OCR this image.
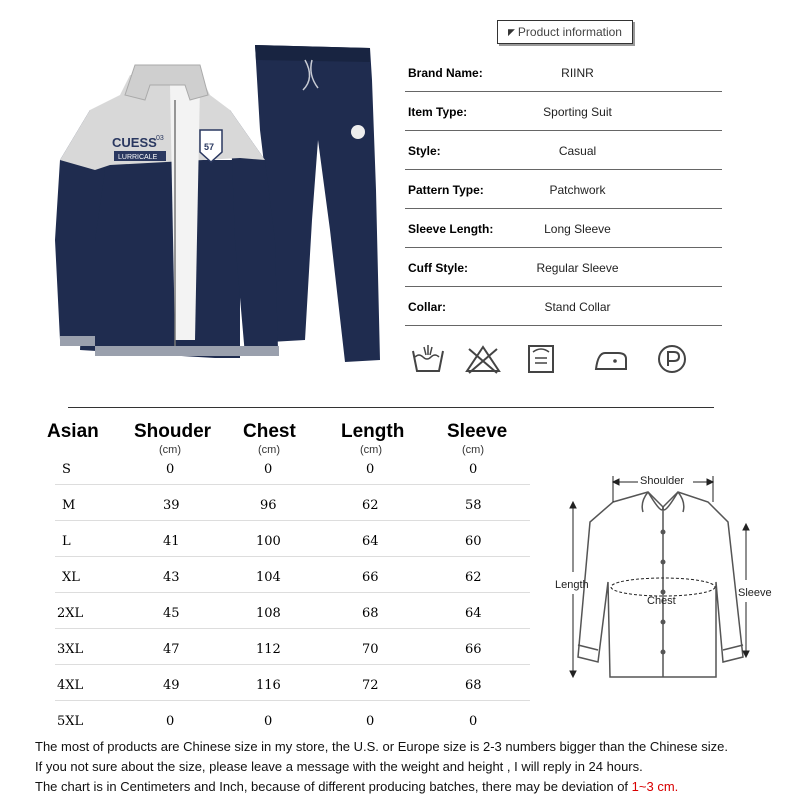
CUESS 03
LURRICALE
57
◤ Product information
Brand Name:	RIINR
Item Type:	Sporting Suit
Style:	Casual
Pattern Type:	Patchwork
Sleeve Length:	Long Sleeve
Cuff Style:	Regular Sleeve
Collar:	Stand Collar
Asian Shouder Chest Length Sleeve
(cm)	(cm)	(cm)	(cm)
S	0	0	0	0
M	39	96	62	58
L	41	100	64	60
XL	43	104	66	62
2XL	45	108	68	64
3XL	47	112	70	66
4XL	49	116	72	68
5XL	0	0	0	0
Shoulder
Length
Chest
Sleeve
The most of products are Chinese size in my store, the U.S. or Europe size is 2-3 numbers bigger than the Chinese size.
If you not sure about the size, please leave a message with the weight and height , I will reply in 24 hours.
The chart is in Centimeters and Inch, because of different producing batches, there may be deviation of 1~3 cm.
